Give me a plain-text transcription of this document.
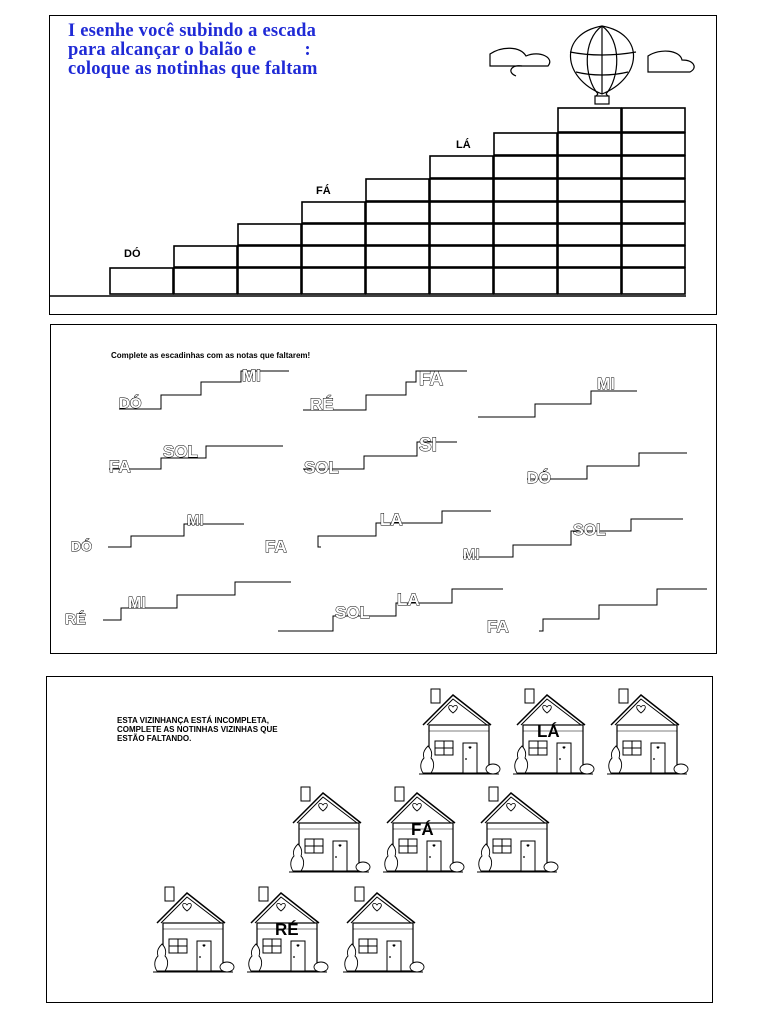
I esenhe você subindo a escada
para alcançar o balão e          :
coloque as notinhas que faltam
DÓ
FÁ
LÁ
Complete as escadinhas com as notas que faltarem!
DÓ
MI
RÉ
FA	MI
FA
SOL
SOL
SI
DÓ
DÓ
MI
FA
LA
MI
SOL
RÉ
MI	SOL
LA
FA
ESTA VIZINHANÇA ESTÁ INCOMPLETA, COMPLETE AS NOTINHAS VIZINHAS QUE ESTÃO FALTANDO.	LÁ
FÁ
RÉ
